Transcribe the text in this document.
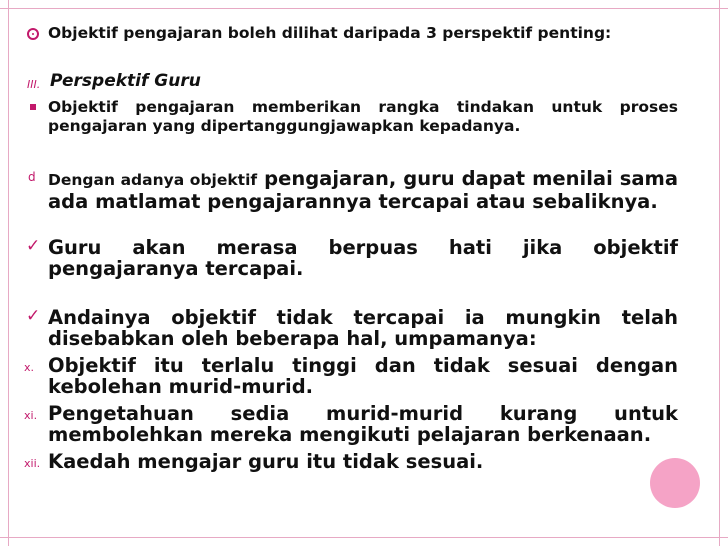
Objektif pengajaran boleh dilihat daripada 3 perspektif penting:
III. Perspektif Guru
Objektif pengajaran memberikan rangka tindakan untuk proses pengajaran yang dipertanggungjawapkan kepadanya.
d Dengan adanya objektif pengajaran, guru dapat menilai sama ada matlamat pengajarannya tercapai atau sebaliknya.
✓ Guru akan merasa berpuas hati jika objektif pengajaranya tercapai.
✓ Andainya objektif tidak tercapai ia mungkin telah disebabkan oleh beberapa hal, umpamanya:
x. Objektif itu terlalu tinggi dan tidak sesuai dengan kebolehan murid-murid.
xi. Pengetahuan sedia murid-murid kurang untuk membolehkan mereka mengikuti pelajaran berkenaan.
xii. Kaedah mengajar guru itu tidak sesuai.
